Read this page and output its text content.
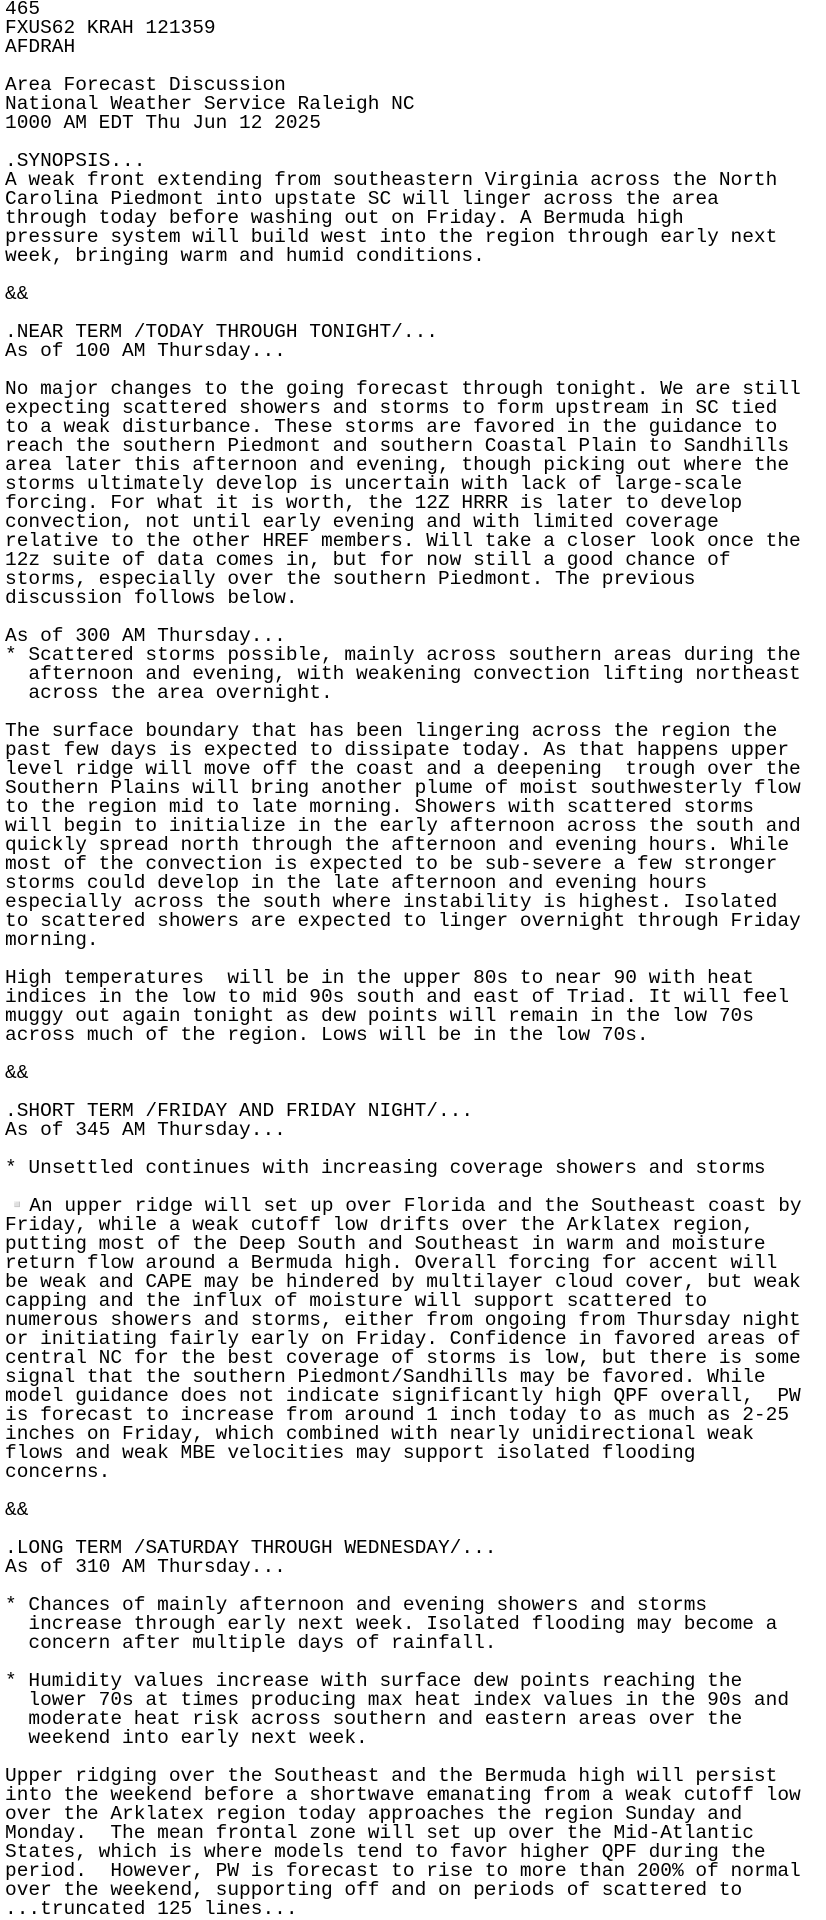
465
FXUS62 KRAH 121359
AFDRAH

Area Forecast Discussion
National Weather Service Raleigh NC
1000 AM EDT Thu Jun 12 2025

.SYNOPSIS...
A weak front extending from southeastern Virginia across the North
Carolina Piedmont into upstate SC will linger across the area
through today before washing out on Friday. A Bermuda high
pressure system will build west into the region through early next
week, bringing warm and humid conditions.

&&

.NEAR TERM /TODAY THROUGH TONIGHT/...
As of 100 AM Thursday...

No major changes to the going forecast through tonight. We are still
expecting scattered showers and storms to form upstream in SC tied
to a weak disturbance. These storms are favored in the guidance to
reach the southern Piedmont and southern Coastal Plain to Sandhills
area later this afternoon and evening, though picking out where the
storms ultimately develop is uncertain with lack of large-scale
forcing. For what it is worth, the 12Z HRRR is later to develop
convection, not until early evening and with limited coverage
relative to the other HREF members. Will take a closer look once the
12z suite of data comes in, but for now still a good chance of
storms, especially over the southern Piedmont. The previous
discussion follows below.

As of 300 AM Thursday...
* Scattered storms possible, mainly across southern areas during the
afternoon and evening, with weakening convection lifting northeast
across the area overnight.

The surface boundary that has been lingering across the region the
past few days is expected to dissipate today. As that happens upper
level ridge will move off the coast and a deepening  trough over the
Southern Plains will bring another plume of moist southwesterly flow
to the region mid to late morning. Showers with scattered storms
will begin to initialize in the early afternoon across the south and
quickly spread north through the afternoon and evening hours. While
most of the convection is expected to be sub-severe a few stronger
storms could develop in the late afternoon and evening hours
especially across the south where instability is highest. Isolated
to scattered showers are expected to linger overnight through Friday
morning.

High temperatures  will be in the upper 80s to near 90 with heat
indices in the low to mid 90s south and east of Triad. It will feel
muggy out again tonight as dew points will remain in the low 70s
across much of the region. Lows will be in the low 70s.

&&

.SHORT TERM /FRIDAY AND FRIDAY NIGHT/...
As of 345 AM Thursday...

* Unsettled continues with increasing coverage showers and storms

▫️An upper ridge will set up over Florida and the Southeast coast by
Friday, while a weak cutoff low drifts over the Arklatex region,
putting most of the Deep South and Southeast in warm and moisture
return flow around a Bermuda high. Overall forcing for accent will
be weak and CAPE may be hindered by multilayer cloud cover, but weak
capping and the influx of moisture will support scattered to
numerous showers and storms, either from ongoing from Thursday night
or initiating fairly early on Friday. Confidence in favored areas of
central NC for the best coverage of storms is low, but there is some
signal that the southern Piedmont/Sandhills may be favored. While
model guidance does not indicate significantly high QPF overall,  PW
is forecast to increase from around 1 inch today to as much as 2-25
inches on Friday, which combined with nearly unidirectional weak
flows and weak MBE velocities may support isolated flooding
concerns.

&&

.LONG TERM /SATURDAY THROUGH WEDNESDAY/...
As of 310 AM Thursday...

* Chances of mainly afternoon and evening showers and storms
increase through early next week. Isolated flooding may become a
concern after multiple days of rainfall.

* Humidity values increase with surface dew points reaching the
lower 70s at times producing max heat index values in the 90s and
moderate heat risk across southern and eastern areas over the
weekend into early next week.

Upper ridging over the Southeast and the Bermuda high will persist
into the weekend before a shortwave emanating from a weak cutoff low
over the Arklatex region today approaches the region Sunday and
Monday.  The mean frontal zone will set up over the Mid-Atlantic
States, which is where models tend to favor higher QPF during the
period.  However, PW is forecast to rise to more than 200% of normal
over the weekend, supporting off and on periods of scattered to
...truncated 125 lines...
